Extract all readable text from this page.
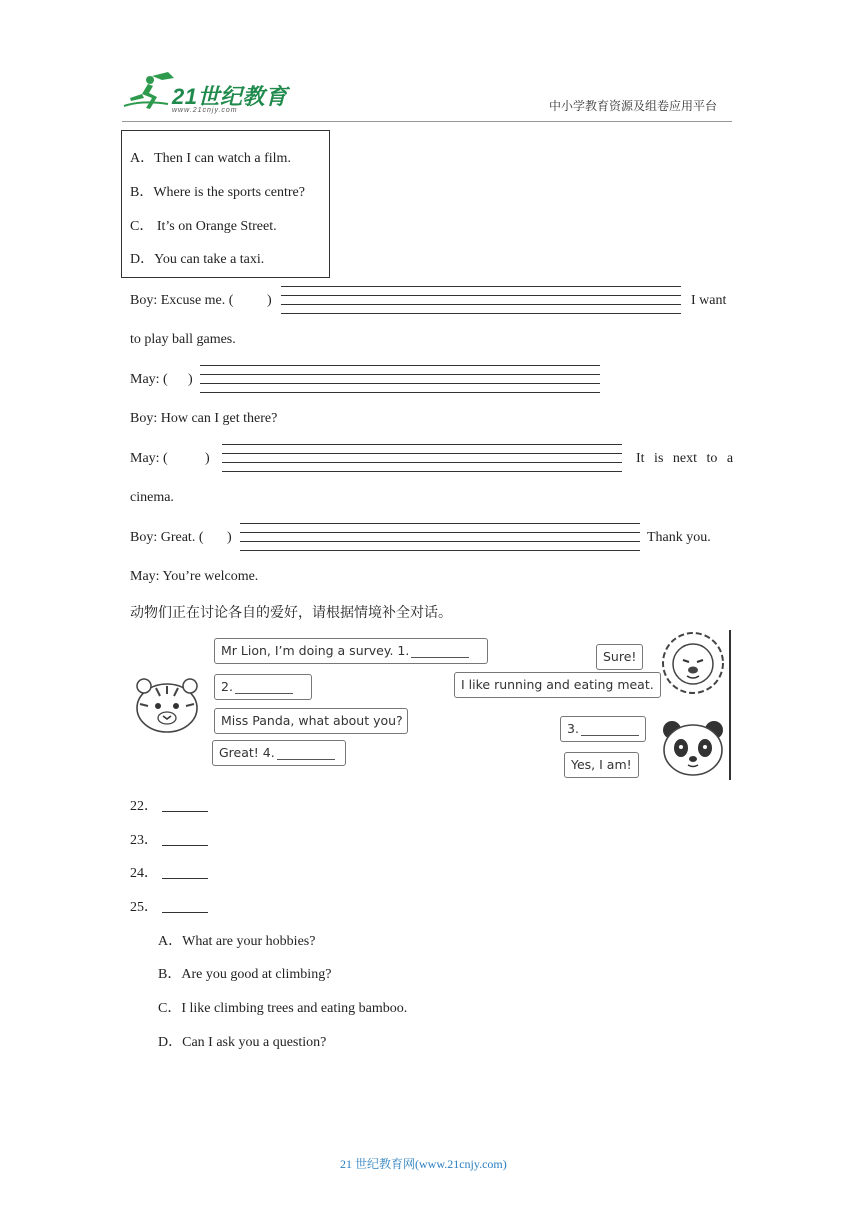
21世纪教育
www.21cnjy.com	中小学教育资源及组卷应用平台
A．Then I can watch a film.
B．Where is the sports centre?
C． It’s on Orange Street.
D．You can take a taxi.
Boy: Excuse me. ( )	I want
to play ball games.
May: ( )
Boy: How can I get there?
May: (	)	It is next to a
cinema.
Boy: Great. ( )	Thank you.
May: You’re welcome.
动物们正在讨论各自的爱好，请根据情境补全对话。
Mr Lion, I’m doing a survey. 1.
2.
Miss Panda, what about you?
Great! 4.
Sure!
I like running and eating meat.
3.
Yes, I am!
22．
23．
24．
25．
A．What are your hobbies?
B．Are you good at climbing?
C．I like climbing trees and eating bamboo.
D．Can I ask you a question?
21 世纪教育网(www.21cnjy.com)
